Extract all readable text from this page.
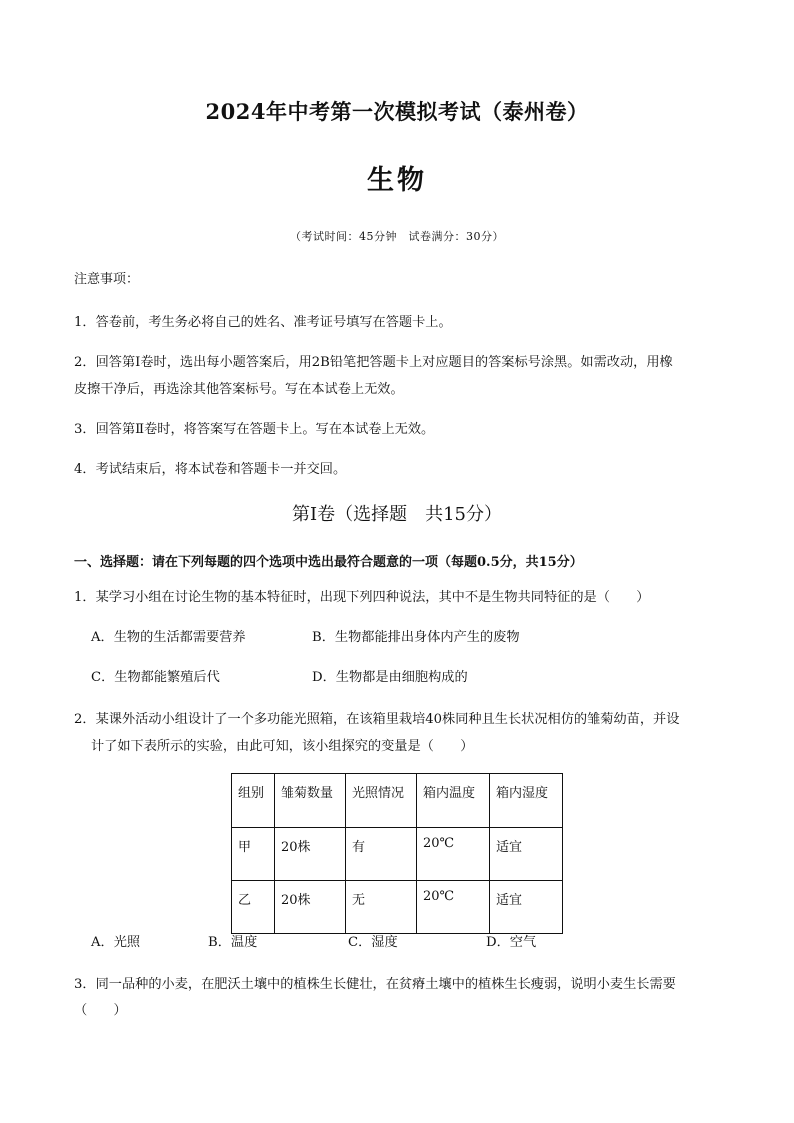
2024年中考第一次模拟考试（泰州卷）
生物
（考试时间：45分钟　试卷满分：30分）
注意事项：
1．答卷前，考生务必将自己的姓名、准考证号填写在答题卡上。
2．回答第Ⅰ卷时，选出每小题答案后，用2B铅笔把答题卡上对应题目的答案标号涂黑。如需改动，用橡
皮擦干净后，再选涂其他答案标号。写在本试卷上无效。
3．回答第Ⅱ卷时，将答案写在答题卡上。写在本试卷上无效。
4．考试结束后，将本试卷和答题卡一并交回。
第Ⅰ卷（选择题　共15分）
一、选择题：请在下列每题的四个选项中选出最符合题意的一项（每题0.5分，共15分）
1．某学习小组在讨论生物的基本特征时，出现下列四种说法，其中不是生物共同特征的是（　　）
A．生物的生活都需要营养	B．生物都能排出身体内产生的废物
C．生物都能繁殖后代	D．生物都是由细胞构成的
2．某课外活动小组设计了一个多功能光照箱，在该箱里栽培40株同种且生长状况相仿的雏菊幼苗，并设
计了如下表所示的实验，由此可知，该小组探究的变量是（　　）
组别	雏菊数量	光照情况	箱内温度	箱内湿度
甲	20株	有	20℃	适宜
乙	20株	无	20℃	适宜
A．光照	B．温度	C．湿度	D．空气
3．同一品种的小麦，在肥沃土壤中的植株生长健壮，在贫瘠土壤中的植株生长瘦弱，说明小麦生长需要
（　　）
